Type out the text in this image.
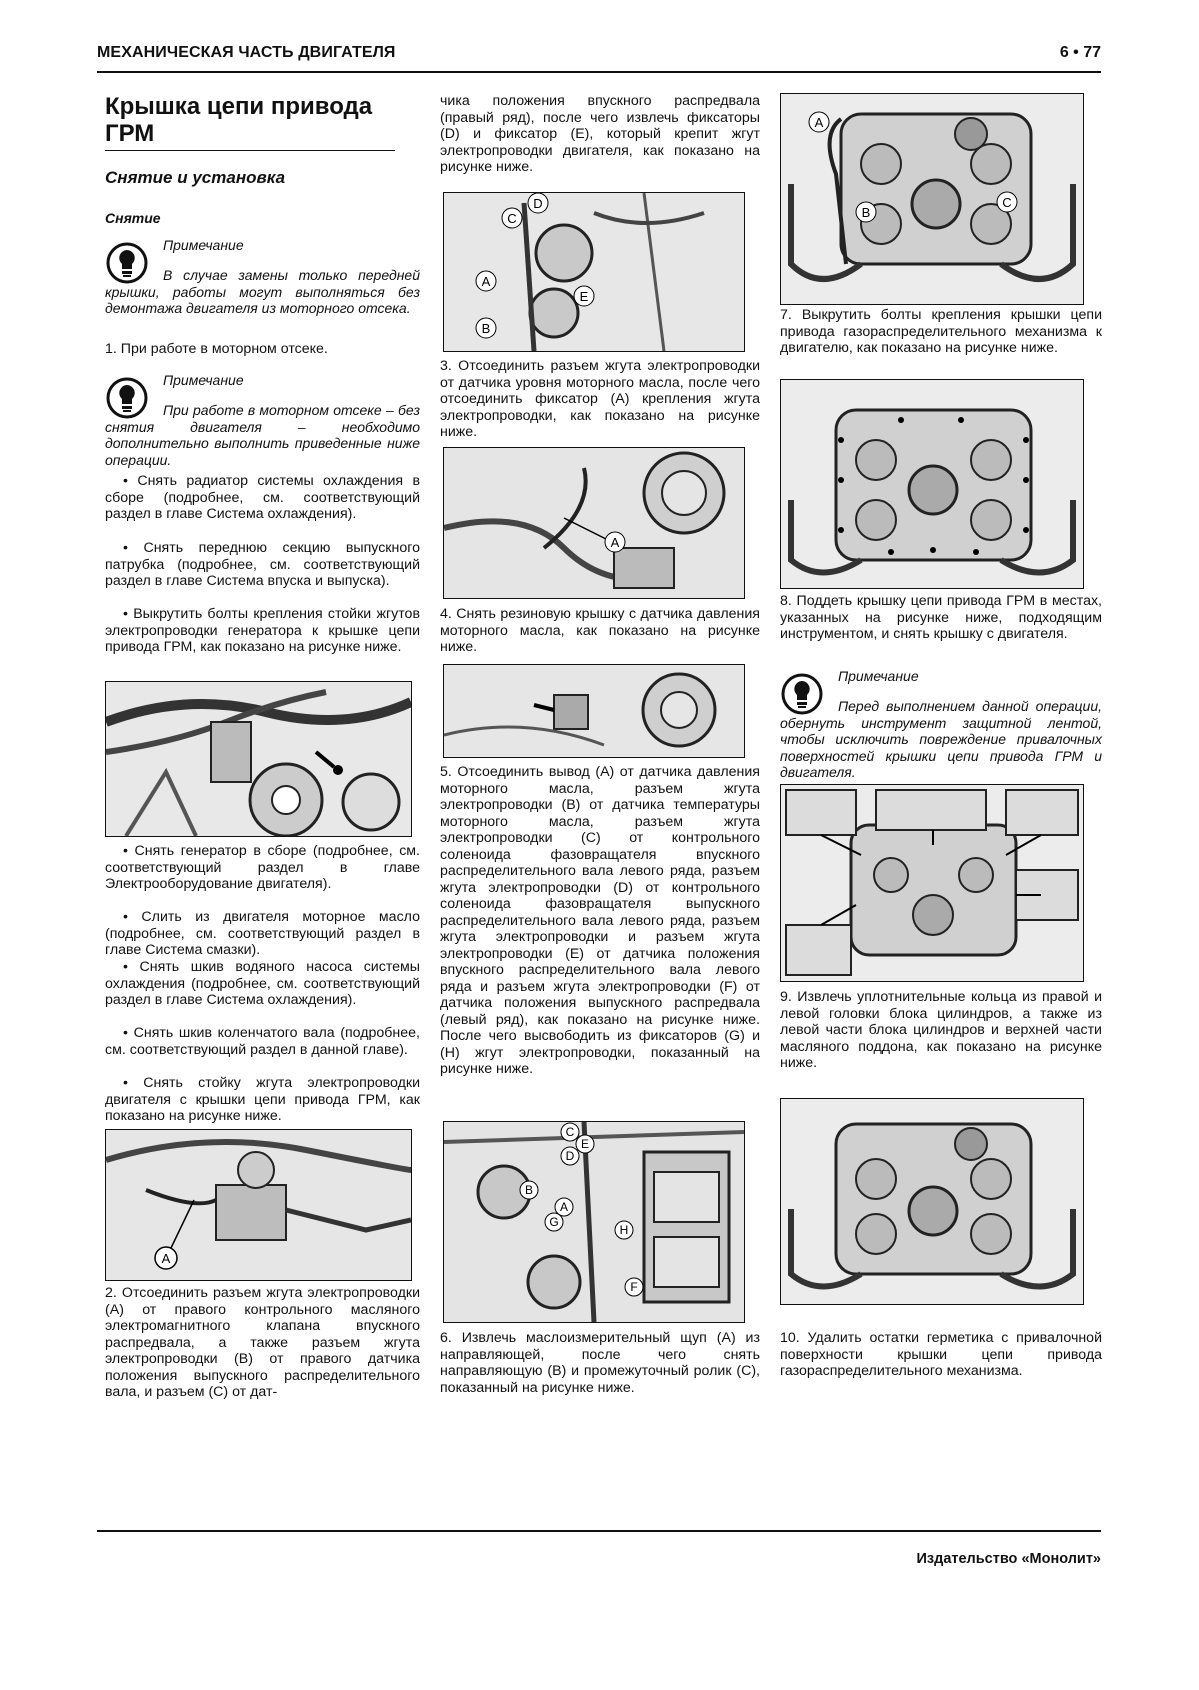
МЕХАНИЧЕСКАЯ ЧАСТЬ ДВИГАТЕЛЯ	6 • 77
Крышка цепи привода ГРМ
Снятие и установка
Снятие
Примечание

В случае замены только передней крышки, работы могут выполняться без демонтажа двигателя из моторного отсека.

1. При работе в моторном отсеке.

Примечание

При работе в моторном отсеке – без снятия двигателя – необходимо дополнительно выполнить приведенные ниже операции.

• Снять радиатор системы охлаждения в сборе (подробнее, см. соответствующий раздел в главе Система охлаждения).

• Снять переднюю секцию выпускного патрубка (подробнее, см. соответствующий раздел в главе Система впуска и выпуска).

• Выкрутить болты крепления стойки жгутов электропроводки генератора к крышке цепи привода ГРМ, как показано на рисунке ниже.

• Снять генератор в сборе (подробнее, см. соответствующий раздел в главе Электрооборудование двигателя).

• Слить из двигателя моторное масло (подробнее, см. соответствующий раздел в главе Система смазки).

• Снять шкив водяного насоса системы охлаждения (подробнее, см. соответствующий раздел в главе Система охлаждения).

• Снять шкив коленчатого вала (подробнее, см. соответствующий раздел в данной главе).

• Снять стойку жгута электропроводки двигателя с крышки цепи привода ГРМ, как показано на рисунке ниже.

A

2. Отсоединить разъем жгута электропроводки (А) от правого контрольного масляного электромагнитного клапана впускного распредвала, а также разъем жгута электропроводки (В) от правого датчика положения выпускного распределительного вала, и разъем (С) от дат-

чика положения впускного распредвала (правый ряд), после чего извлечь фиксаторы (D) и фиксатор (Е), который крепит жгут электропроводки двигателя, как показано на рисунке ниже.

C
D
A
E
B

3. Отсоединить разъем жгута электропроводки от датчика уровня моторного масла, после чего отсоединить фиксатор (А) крепления жгута электропроводки, как показано на рисунке ниже.

A

4. Снять резиновую крышку с датчика давления моторного масла, как показано на рисунке ниже.

5. Отсоединить вывод (А) от датчика давления моторного масла, разъем жгута электропроводки (В) от датчика температуры моторного масла, разъем жгута электропроводки (С) от контрольного соленоида фазовращателя впускного распределительного вала левого ряда, разъем жгута электропроводки (D) от контрольного соленоида фазовращателя выпускного распределительного вала левого ряда, разъем жгута электропроводки и разъем жгута электропроводки (Е) от датчика положения впускного распределительного вала левого ряда и разъем жгута электропроводки (F) от датчика положения выпускного распредвала (левый ряд), как показано на рисунке ниже. После чего высвободить из фиксаторов (G) и (Н) жгут электропроводки, показанный на рисунке ниже.

C
E
D
B
A
G
H
F

6. Извлечь маслоизмерительный щуп (А) из направляющей, после чего снять направляющую (В) и промежуточный ролик (С), показанный на рисунке ниже.

A
B
C

7. Выкрутить болты крепления крышки цепи привода газораспределительного механизма к двигателю, как показано на рисунке ниже.

8. Поддеть крышку цепи привода ГРМ в местах, указанных на рисунке ниже, подходящим инструментом, и снять крышку с двигателя.

Примечание

Перед выполнением данной операции, обернуть инструмент защитной лентой, чтобы исключить повреждение привалочных поверхностей крышки цепи привода ГРМ и двигателя.

9. Извлечь уплотнительные кольца из правой и левой головки блока цилиндров, а также из левой части блока цилиндров и верхней части масляного поддона, как показано на рисунке ниже.

10. Удалить остатки герметика с привалочной поверхности крышки цепи привода газораспределительного механизма.

Издательство «Монолит»
